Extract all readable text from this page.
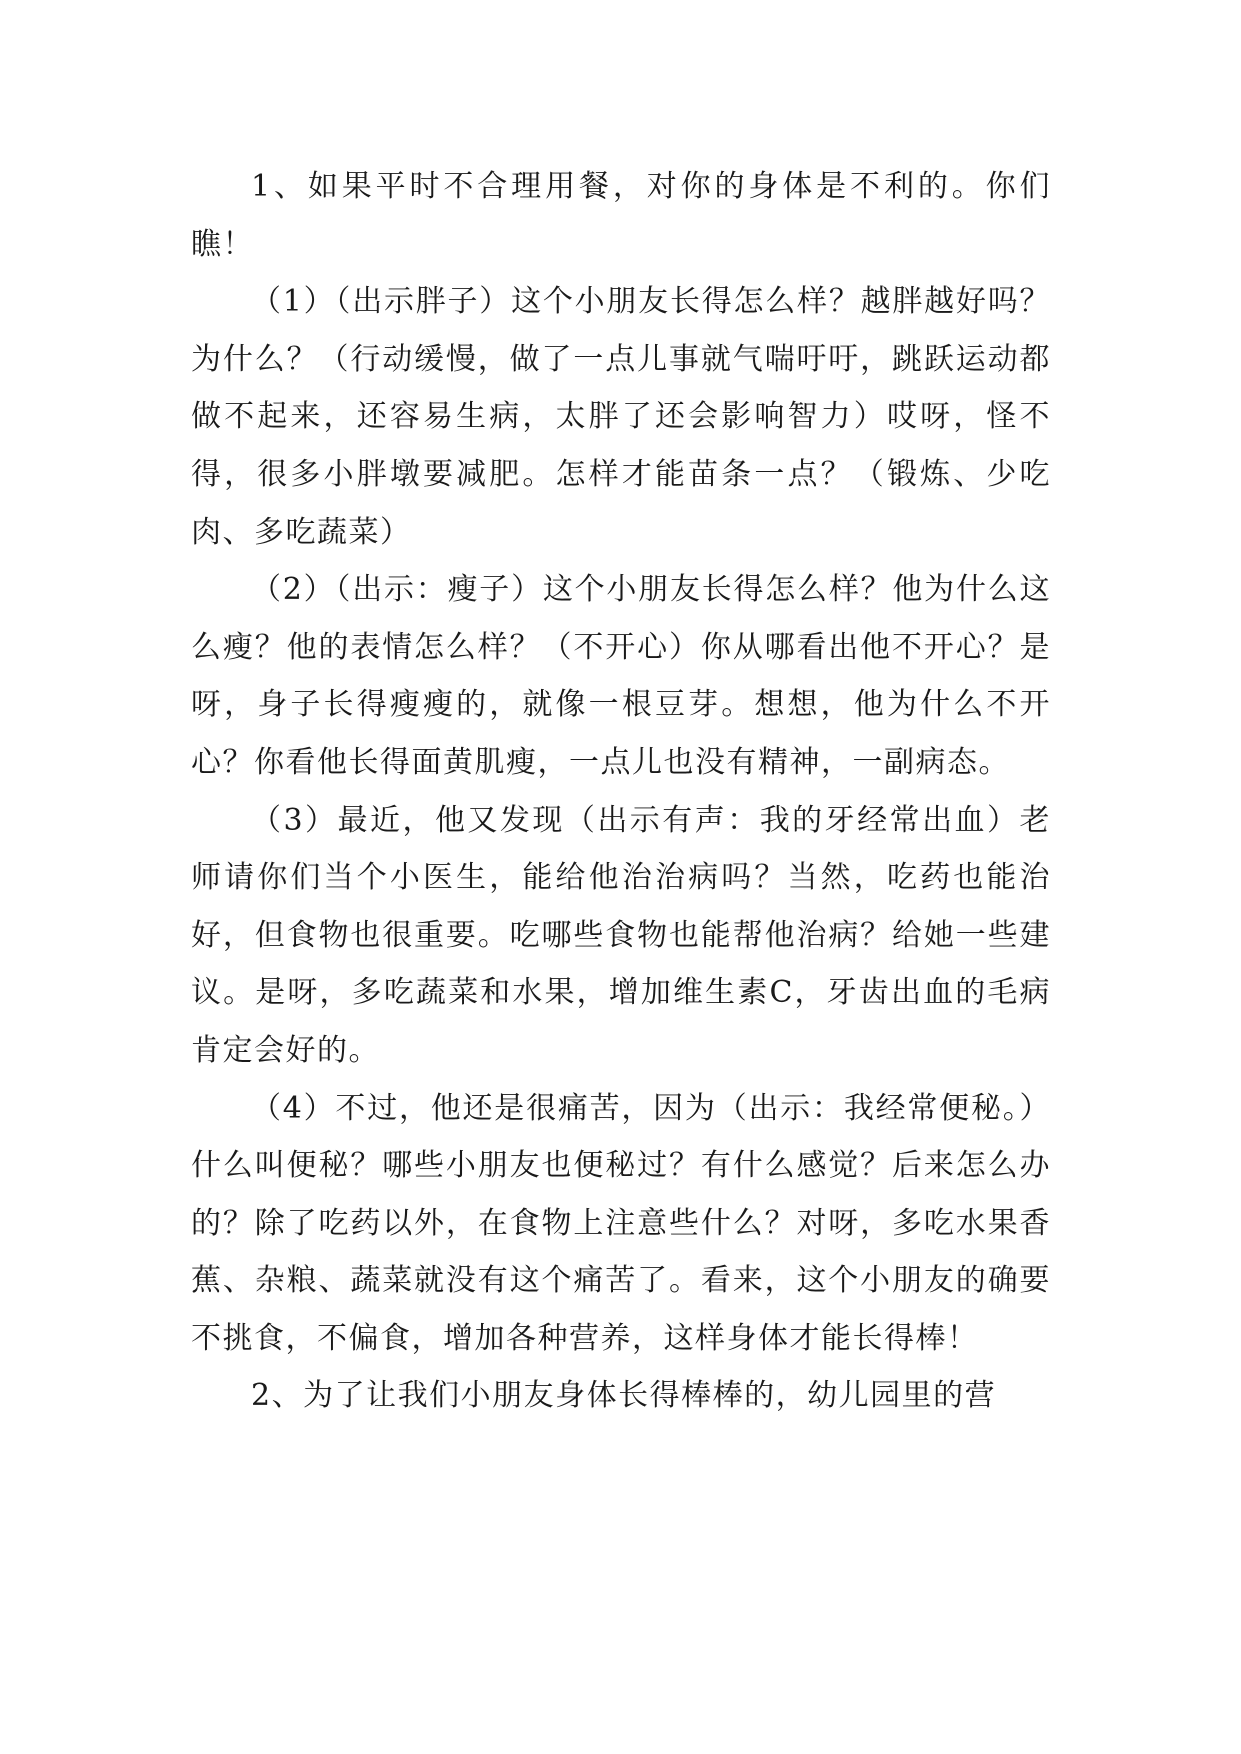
1、如果平时不合理用餐，对你的身体是不利的。你们瞧！

（1）（出示胖子）这个小朋友长得怎么样？越胖越好吗？为什么？（行动缓慢，做了一点儿事就气喘吁吁，跳跃运动都做不起来，还容易生病，太胖了还会影响智力）哎呀，怪不得，很多小胖墩要减肥。怎样才能苗条一点？（锻炼、少吃肉、多吃蔬菜）

（2）（出示：瘦子）这个小朋友长得怎么样？他为什么这么瘦？他的表情怎么样？（不开心）你从哪看出他不开心？是呀，身子长得瘦瘦的，就像一根豆芽。想想，他为什么不开心？你看他长得面黄肌瘦，一点儿也没有精神，一副病态。

（3）最近，他又发现（出示有声：我的牙经常出血）老师请你们当个小医生，能给他治治病吗？当然，吃药也能治好，但食物也很重要。吃哪些食物也能帮他治病？给她一些建议。是呀，多吃蔬菜和水果，增加维生素C，牙齿出血的毛病肯定会好的。

（4）不过，他还是很痛苦，因为（出示：我经常便秘。）什么叫便秘？哪些小朋友也便秘过？有什么感觉？后来怎么办的？除了吃药以外，在食物上注意些什么？对呀，多吃水果香蕉、杂粮、蔬菜就没有这个痛苦了。看来，这个小朋友的确要不挑食，不偏食，增加各种营养，这样身体才能长得棒！

2、为了让我们小朋友身体长得棒棒的，幼儿园里的营
